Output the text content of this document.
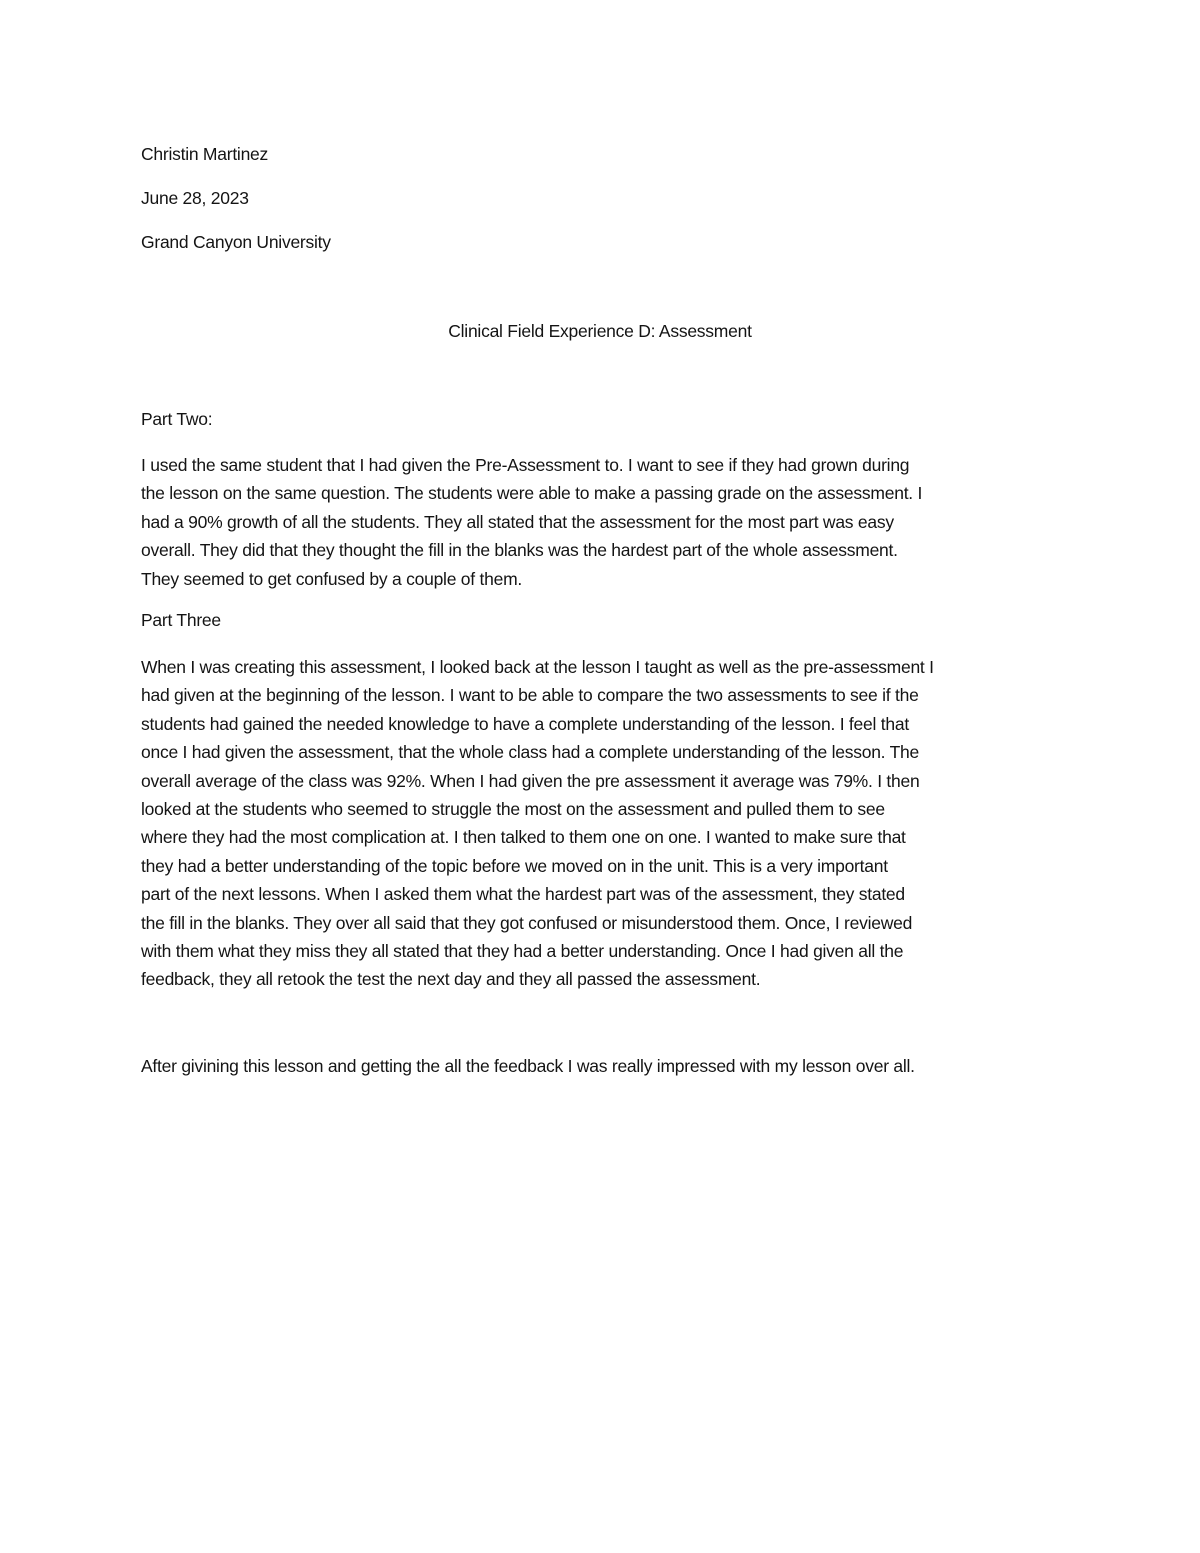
Christin Martinez
June 28, 2023
Grand Canyon University
Clinical Field Experience D: Assessment
Part Two:
I used the same student that I had given the Pre-Assessment to. I want to see if they had grown during
the lesson on the same question. The students were able to make a passing grade on the assessment. I
had a 90% growth of all the students. They all stated that the assessment for the most part was easy
overall. They did that they thought the fill in the blanks was the hardest part of the whole assessment.
They seemed to get confused by a couple of them.
Part Three
When I was creating this assessment, I looked back at the lesson I taught as well as the pre-assessment I
had given at the beginning of the lesson. I want to be able to compare the two assessments to see if the
students had gained the needed knowledge to have a complete understanding of the lesson. I feel that
once I had given the assessment, that the whole class had a complete understanding of the lesson. The
overall average of the class was 92%. When I had given the pre assessment it average was 79%. I then
looked at the students who seemed to struggle the most on the assessment and pulled them to see
where they had the most complication at. I then talked to them one on one. I wanted to make sure that
they had a better understanding of the topic before we moved on in the unit. This is a very important
part of the next lessons. When I asked them what the hardest part was of the assessment, they stated
the fill in the blanks. They over all said that they got confused or misunderstood them. Once, I reviewed
with them what they miss they all stated that they had a better understanding. Once I had given all the
feedback, they all retook the test the next day and they all passed the assessment.
After givining this lesson and getting the all the feedback I was really impressed with my lesson over all.
